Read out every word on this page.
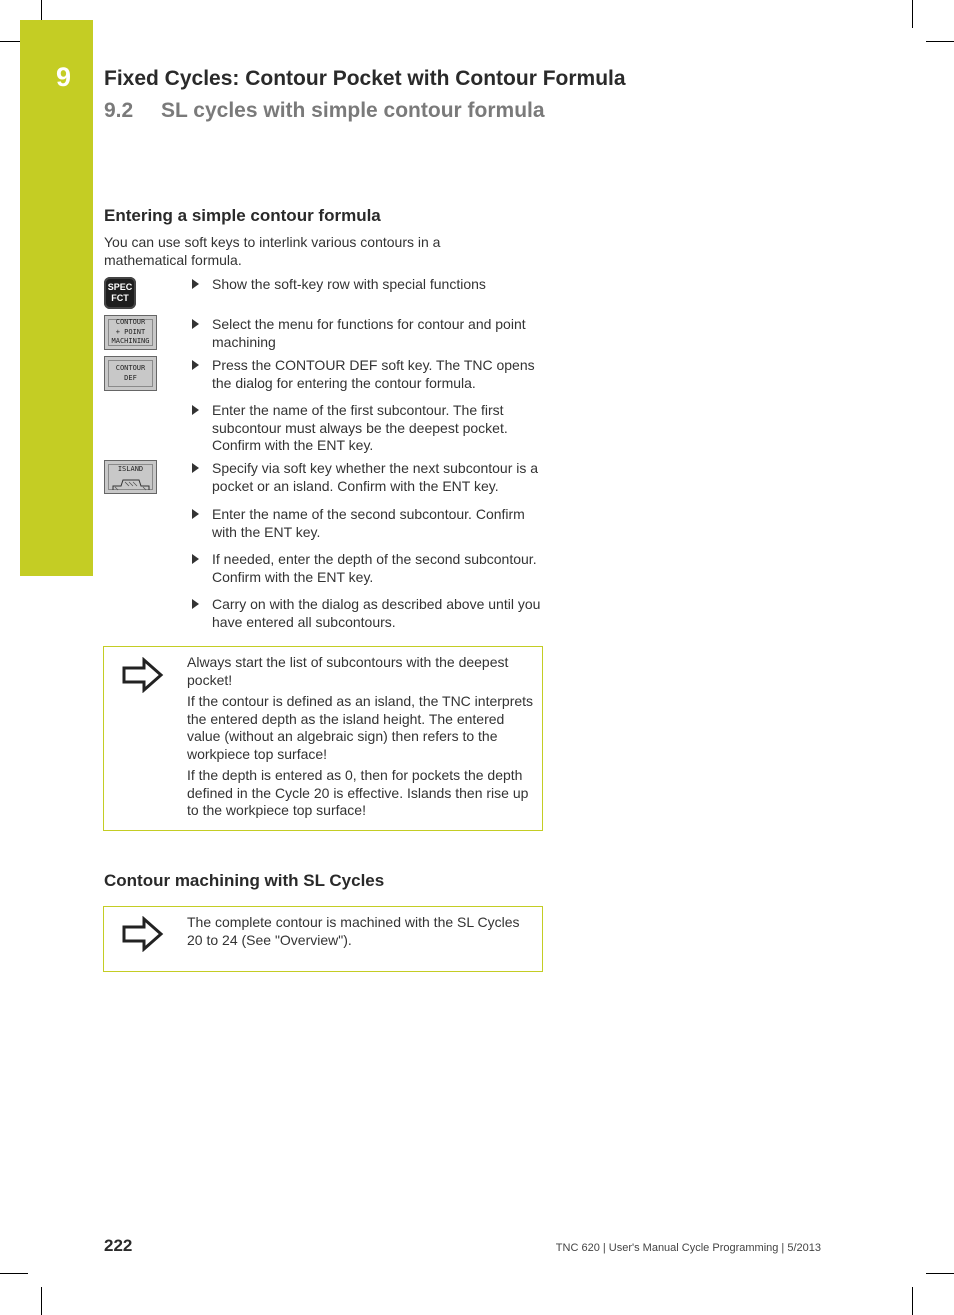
9 Fixed Cycles: Contour Pocket with Contour Formula
9.2 SL cycles with simple contour formula
Entering a simple contour formula
You can use soft keys to interlink various contours in a mathematical formula.
SPEC
FCT
CONTOUR
+ POINT
MACHINING
CONTOUR
DEF
ISLAND
Show the soft-key row with special functions
Select the menu for functions for contour and point machining
Press the CONTOUR DEF soft key. The TNC opens the dialog for entering the contour formula.
Enter the name of the first subcontour. The first subcontour must always be the deepest pocket. Confirm with the ENT key.
Specify via soft key whether the next subcontour is a pocket or an island. Confirm with the ENT key.
Enter the name of the second subcontour. Confirm with the ENT key.
If needed, enter the depth of the second subcontour. Confirm with the ENT key.
Carry on with the dialog as described above until you have entered all subcontours.

Always start the list of subcontours with the deepest pocket!

If the contour is defined as an island, the TNC interprets the entered depth as the island height. The entered value (without an algebraic sign) then refers to the workpiece top surface!

If the depth is entered as 0, then for pockets the depth defined in the Cycle 20 is effective. Islands then rise up to the workpiece top surface!

Contour machining with SL Cycles

The complete contour is machined with the SL Cycles 20 to 24 (See "Overview").

222	TNC 620 | User's Manual Cycle Programming | 5/2013
